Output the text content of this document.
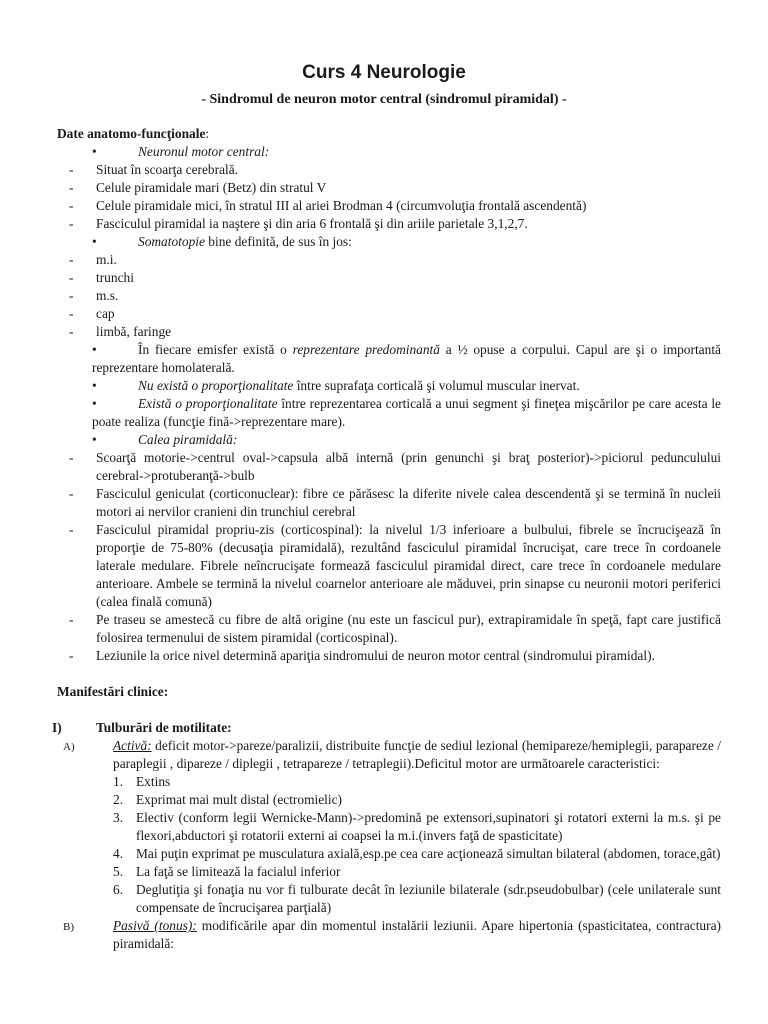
Curs 4 Neurologie
- Sindromul de neuron motor central (sindromul piramidal) -
Date anatomo-funcţionale:
•	Neuronul motor central:
- Situat în scoarţa cerebrală.
- Celule piramidale mari (Betz) din stratul V
- Celule piramidale mici, în stratul III al ariei Brodman 4 (circumvoluţia frontală ascendentă)
- Fasciculul piramidal ia naştere şi din aria 6 frontală şi din ariile parietale 3,1,2,7.
•	Somatotopie bine definită, de sus în jos:
- m.i.
- trunchi
- m.s.
- cap
- limbă, faringe
•	În fiecare emisfer există o reprezentare predominantă a ½ opuse a corpului. Capul are şi o importantă reprezentare homolaterală.
•	Nu există o proporţionalitate între suprafaţa corticală şi volumul muscular inervat.
•	Există o proporţionalitate între reprezentarea corticală a unui segment şi fineţea mişcărilor pe care acesta le poate realiza (funcţie fină->reprezentare mare).
•	Calea piramidală:
- Scoarţă motorie->centrul oval->capsula albă internă (prin genunchi şi braţ posterior)->piciorul pedunculului cerebral->protuberanţă->bulb
- Fasciculul geniculat (corticonuclear): fibre ce părăsesc la diferite nivele calea descendentă şi se termină în nucleii motori ai nervilor cranieni din trunchiul cerebral
- Fasciculul piramidal propriu-zis (corticospinal): la nivelul 1/3 inferioare a bulbului, fibrele se încrucişează în proporţie de 75-80% (decusaţia piramidală), rezultând fasciculul piramidal încrucişat, care trece în cordoanele laterale medulare. Fibrele neîncrucişate formează fasciculul piramidal direct, care trece în cordoanele medulare anterioare. Ambele se termină la nivelul coarnelor anterioare ale măduvei, prin sinapse cu neuronii motori periferici (calea finală comună)
- Pe traseu se amestecă cu fibre de altă origine (nu este un fascicul pur), extrapiramidale în speţă, fapt care justifică folosirea termenului de sistem piramidal (corticospinal).
- Leziunile la orice nivel determină apariţia sindromului de neuron motor central (sindromului piramidal).
Manifestări clinice:
I)	Tulburări de motilitate:
A)	Activă: deficit motor->pareze/paralizii, distribuite funcţie de sediul lezional (hemipareze/hemiplegii, parapareze / paraplegii , dipareze / diplegii , tetrapareze / tetraplegii).Deficitul motor are următoarele caracteristici:
1. Extins
2. Exprimat mai mult distal (ectromielic)
3. Electiv (conform legii Wernicke-Mann)->predomină pe extensori,supinatori şi rotatori externi la m.s. şi pe flexori,abductori şi rotatorii externi ai coapsei la m.i.(invers faţă de spasticitate)
4. Mai puţin exprimat pe musculatura axială,esp.pe cea care acţionează simultan bilateral (abdomen, torace,gât)
5. La faţă se limitează la facialul inferior
6. Deglutiţia şi fonaţia nu vor fi tulburate decât în leziunile bilaterale (sdr.pseudobulbar) (cele unilaterale sunt compensate de încrucişarea parţială)
B)	Pasivă (tonus): modificările apar din momentul instalării leziunii. Apare hipertonia (spasticitatea, contractura) piramidală:
